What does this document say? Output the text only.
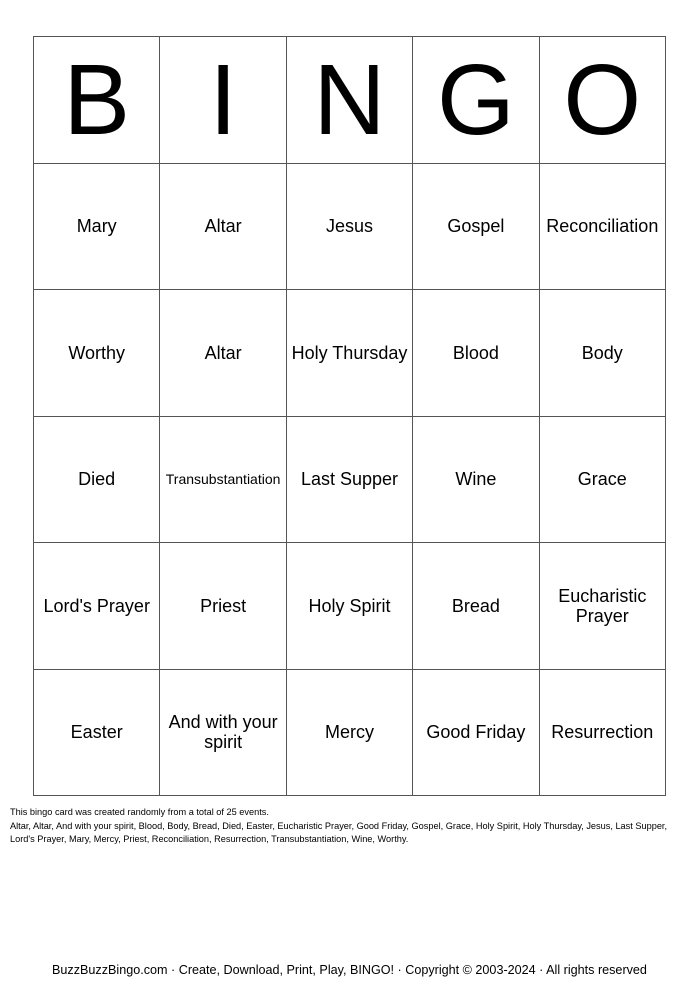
B I N G O
Mary	Altar	Jesus	Gospel	Reconciliation
Worthy	Altar	Holy Thursday	Blood	Body
Died	Transubstantiation	Last Supper	Wine	Grace
Lord's Prayer	Priest	Holy Spirit	Bread	Eucharistic Prayer
Easter	And with your spirit	Mercy	Good Friday	Resurrection
This bingo card was created randomly from a total of 25 events.
Altar, Altar, And with your spirit, Blood, Body, Bread, Died, Easter, Eucharistic Prayer, Good Friday, Gospel, Grace, Holy Spirit, Holy Thursday, Jesus, Last Supper, Lord's Prayer, Mary, Mercy, Priest, Reconciliation, Resurrection, Transubstantiation, Wine, Worthy.
BuzzBuzzBingo.com · Create, Download, Print, Play, BINGO! · Copyright © 2003-2024 · All rights reserved
